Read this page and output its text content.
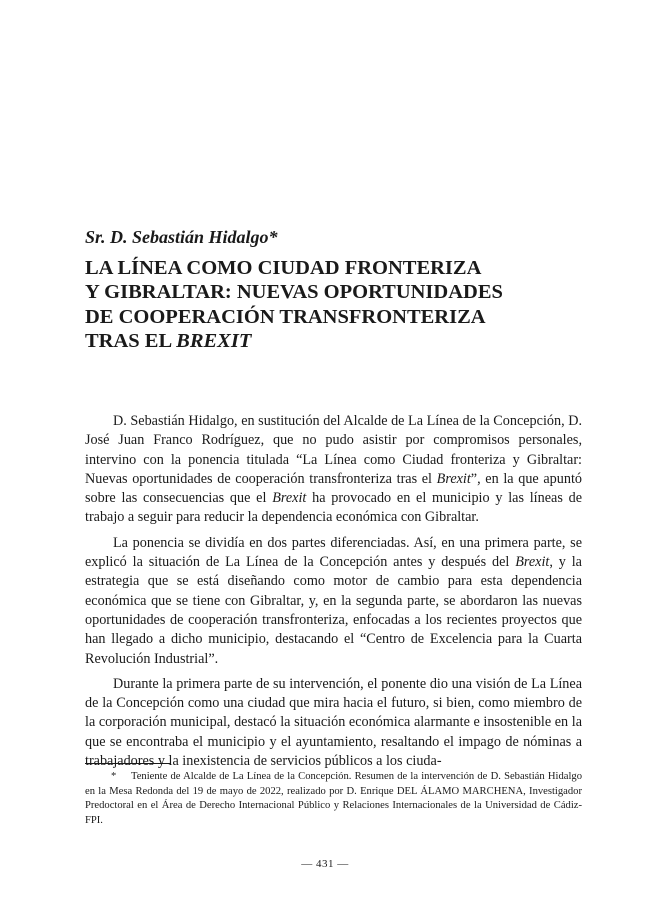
Sr. D. Sebastián Hidalgo*
LA LÍNEA COMO CIUDAD FRONTERIZA
Y GIBRALTAR: NUEVAS OPORTUNIDADES
DE COOPERACIÓN TRANSFRONTERIZA
TRAS EL BREXIT

D. Sebastián Hidalgo, en sustitución del Alcalde de La Línea de la Concepción, D. José Juan Franco Rodríguez, que no pudo asistir por compromisos personales, intervino con la ponencia titulada “La Línea como Ciudad fronteriza y Gibraltar: Nuevas oportunidades de cooperación transfronteriza tras el Brexit”, en la que apuntó sobre las consecuencias que el Brexit ha provocado en el municipio y las líneas de trabajo a seguir para reducir la dependencia económica con Gibraltar.

La ponencia se dividía en dos partes diferenciadas. Así, en una primera parte, se explicó la situación de La Línea de la Concepción antes y después del Brexit, y la estrategia que se está diseñando como motor de cambio para esta dependencia económica que se tiene con Gibraltar, y, en la segunda parte, se abordaron las nuevas oportunidades de cooperación transfronteriza, enfocadas a los recientes proyectos que han llegado a dicho municipio, destacando el “Centro de Excelencia para la Cuarta Revolución Industrial”.

Durante la primera parte de su intervención, el ponente dio una visión de La Línea de la Concepción como una ciudad que mira hacia el futuro, si bien, como miembro de la corporación municipal, destacó la situación económica alarmante e insostenible en la que se encontraba el municipio y el ayuntamiento, resaltando el impago de nóminas a trabajadores y la inexistencia de servicios públicos a los ciuda-

* Teniente de Alcalde de La Línea de la Concepción. Resumen de la intervención de D. Sebastián Hidalgo en la Mesa Redonda del 19 de mayo de 2022, realizado por D. Enrique DEL ÁLAMO MARCHENA, Investigador Predoctoral en el Área de Derecho Internacional Público y Relaciones Internacionales de la Universidad de Cádiz-FPI.
— 431 —
